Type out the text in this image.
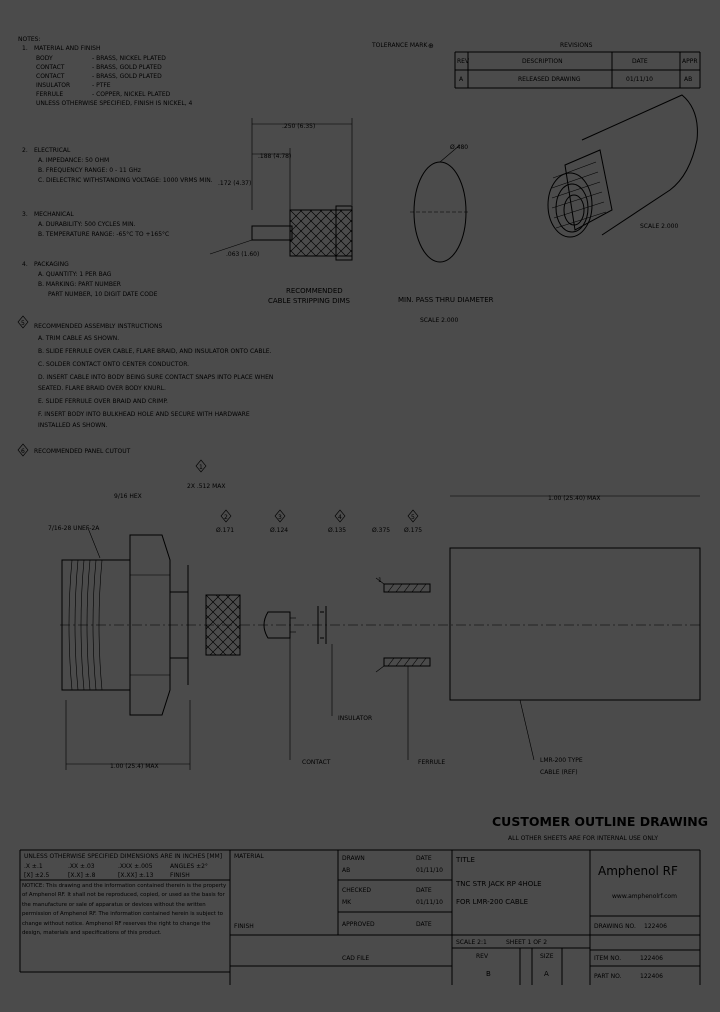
NOTES:
1. MATERIAL AND FINISH
BODY	- BRASS, NICKEL PLATED
CONTACT	- BRASS, GOLD PLATED
CONTACT	- BRASS, GOLD PLATED
INSULATOR	- PTFE
FERRULE	- COPPER, NICKEL PLATED
UNLESS OTHERWISE SPECIFIED, FINISH IS NICKEL, 4
2. ELECTRICAL
A. IMPEDANCE: 50 OHM
B. FREQUENCY RANGE: 0 - 11 GHz
C. DIELECTRIC WITHSTANDING VOLTAGE: 1000 VRMS MIN.
3. MECHANICAL
A. DURABILITY: 500 CYCLES MIN.
B. TEMPERATURE RANGE: -65°C TO +165°C
4. PACKAGING
A. QUANTITY: 1 PER BAG
B. MARKING: PART NUMBER
PART NUMBER, 10 DIGIT DATE CODE
5 RECOMMENDED ASSEMBLY INSTRUCTIONS
A. TRIM CABLE AS SHOWN.
B. SLIDE FERRULE OVER CABLE, FLARE BRAID, AND INSULATOR ONTO CABLE.
C. SOLDER CONTACT ONTO CENTER CONDUCTOR.
D. INSERT CABLE INTO BODY BEING SURE CONTACT SNAPS INTO PLACE WHEN
SEATED. FLARE BRAID OVER BODY KNURL.
E. SLIDE FERRULE OVER BRAID AND CRIMP.
F. INSERT BODY INTO BULKHEAD HOLE AND SECURE WITH HARDWARE
INSTALLED AS SHOWN.
6 RECOMMENDED PANEL CUTOUT
TOLERANCE MARK ⊕	REVISIONS
REV	DESCRIPTION	DATE	APPR
A	RELEASED DRAWING	01/11/10	AB
.250 (6.35)
.188 (4.78)
.172 (4.37)
.063 (1.60)
RECOMMENDED
CABLE STRIPPING DIMS
Ø.480
MIN. PASS THRU DIAMETER
SCALE 2.000
SCALE 2.000
1
2	3	4	5
2X .512 MAX
9/16 HEX
7/16-28 UNEF-2A	Ø.171	Ø.124	Ø.135	Ø.375 Ø.175
1
1.00 (25.40) MAX
1.00 (25.4) MAX
CONTACT
INSULATOR
FERRULE	LMR-200 TYPE
CABLE (REF)
CUSTOMER OUTLINE DRAWING
ALL OTHER SHEETS ARE FOR INTERNAL USE ONLY
UNLESS OTHERWISE SPECIFIED DIMENSIONS ARE IN INCHES [MM]
.X ±.1	.XX ±.03	.XXX ±.005	ANGLES ±2°
[X] ±2.5	[X.X] ±.8	[X.XX] ±.13	FINISH
NOTICE: This drawing and the information contained therein is the property of Amphenol RF. It shall not be reproduced, copied, or used as the basis for the manufacture or sale of apparatus or devices without the written permission of Amphenol RF. The information contained herein is subject to change without notice. Amphenol RF reserves the right to change the design, materials and specifications of this product.
MATERIAL
FINISH
DRAWN
AB
DATE
01/11/10
CHECKED
MK
DATE
01/11/10
APPROVED	DATE
CAD FILE
TITLE
TNC STR JACK RP 4HOLE
FOR LMR-200 CABLE
SCALE 2:1	SHEET 1 OF 2
REV
B
SIZE
A
Amphenol RF
www.amphenolrf.com
DRAWING NO. 122406
ITEM NO.	122406
PART NO.	122406
